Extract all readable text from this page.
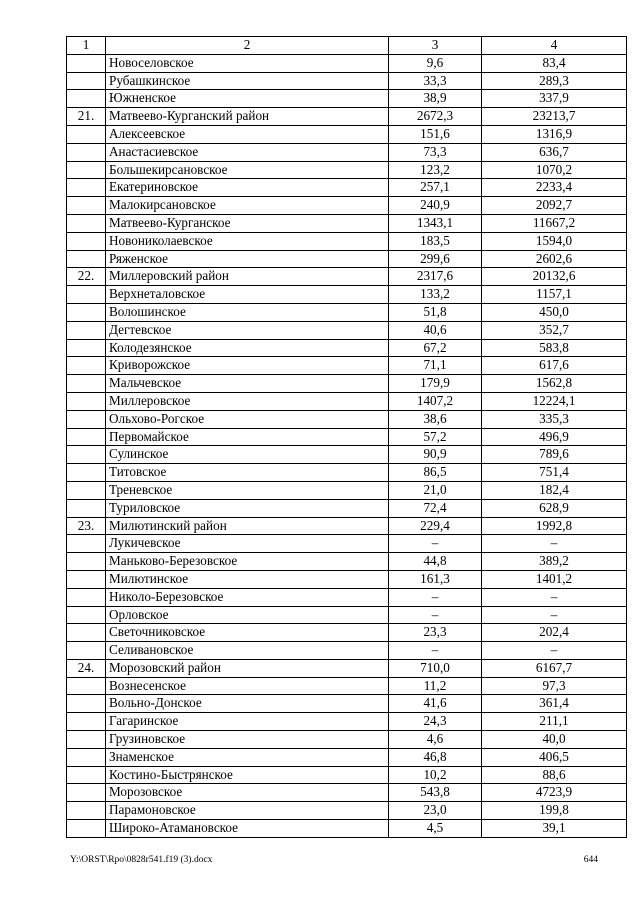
1	2	3	4
	Новоселовское	9,6	83,4
	Рубашкинское	33,3	289,3
	Южненское	38,9	337,9
21.	Матвеево-Курганский район	2672,3	23213,7
	Алексеевское	151,6	1316,9
	Анастасиевское	73,3	636,7
	Большекирсановское	123,2	1070,2
	Екатериновское	257,1	2233,4
	Малокирсановское	240,9	2092,7
	Матвеево-Курганское	1343,1	11667,2
	Новониколаевское	183,5	1594,0
	Ряженское	299,6	2602,6
22.	Миллеровский район	2317,6	20132,6
	Верхнеталовское	133,2	1157,1
	Волошинское	51,8	450,0
	Дегтевское	40,6	352,7
	Колодезянское	67,2	583,8
	Криворожское	71,1	617,6
	Мальчевское	179,9	1562,8
	Миллеровское	1407,2	12224,1
	Ольхово-Рогское	38,6	335,3
	Первомайское	57,2	496,9
	Сулинское	90,9	789,6
	Титовское	86,5	751,4
	Треневское	21,0	182,4
	Туриловское	72,4	628,9
23.	Милютинский район	229,4	1992,8
	Лукичевское	–	–
	Маньково-Березовское	44,8	389,2
	Милютинское	161,3	1401,2
	Николо-Березовское	–	–
	Орловское	–	–
	Светочниковское	23,3	202,4
	Селивановское	–	–
24.	Морозовский район	710,0	6167,7
	Вознесенское	11,2	97,3
	Вольно-Донское	41,6	361,4
	Гагаринское	24,3	211,1
	Грузиновское	4,6	40,0
	Знаменское	46,8	406,5
	Костино-Быстрянское	10,2	88,6
	Морозовское	543,8	4723,9
	Парамоновское	23,0	199,8
	Широко-Атамановское	4,5	39,1
Y:\ORST\Rpo\0828r541.f19 (3).docx	644
